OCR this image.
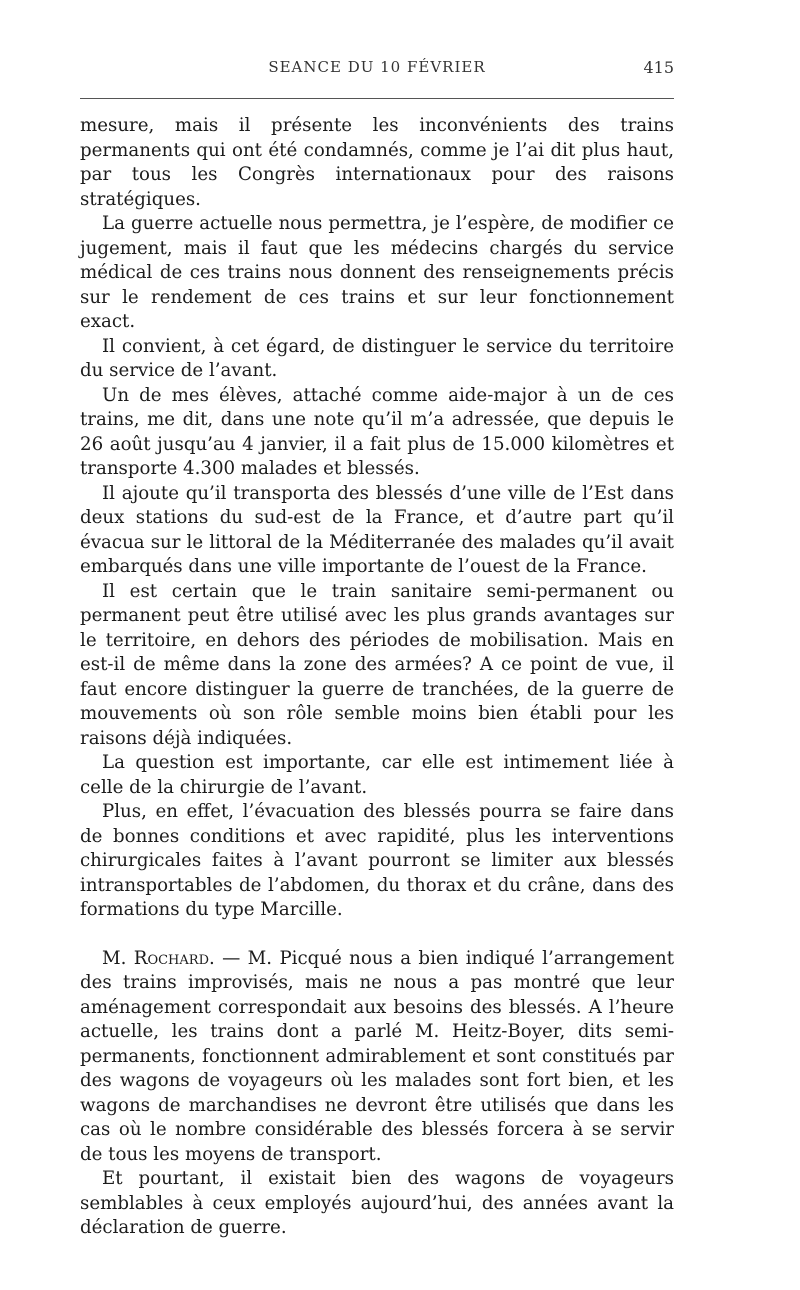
SEANCE DU 10 FÉVRIER	415

mesure, mais il présente les inconvénients des trains permanents qui ont été condamnés, comme je l’ai dit plus haut, par tous les Congrès internationaux pour des raisons stratégiques.

La guerre actuelle nous permettra, je l’espère, de modifier ce jugement, mais il faut que les médecins chargés du service médical de ces trains nous donnent des renseignements précis sur le rendement de ces trains et sur leur fonctionnement exact.

Il convient, à cet égard, de distinguer le service du territoire du service de l’avant.

Un de mes élèves, attaché comme aide-major à un de ces trains, me dit, dans une note qu’il m’a adressée, que depuis le 26 août jusqu’au 4 janvier, il a fait plus de 15.000 kilomètres et transporte 4.300 malades et blessés.

Il ajoute qu’il transporta des blessés d’une ville de l’Est dans deux stations du sud-est de la France, et d’autre part qu’il évacua sur le littoral de la Méditerranée des malades qu’il avait embarqués dans une ville importante de l’ouest de la France.

Il est certain que le train sanitaire semi-permanent ou permanent peut être utilisé avec les plus grands avantages sur le territoire, en dehors des périodes de mobilisation. Mais en est-il de même dans la zone des armées? A ce point de vue, il faut encore distinguer la guerre de tranchées, de la guerre de mouvements où son rôle semble moins bien établi pour les raisons déjà indiquées.

La question est importante, car elle est intimement liée à celle de la chirurgie de l’avant.

Plus, en effet, l’évacuation des blessés pourra se faire dans de bonnes conditions et avec rapidité, plus les interventions chirurgicales faites à l’avant pourront se limiter aux blessés intransportables de l’abdomen, du thorax et du crâne, dans des formations du type Marcille.

M. Rochard. — M. Picqué nous a bien indiqué l’arrangement des trains improvisés, mais ne nous a pas montré que leur aménagement correspondait aux besoins des blessés. A l’heure actuelle, les trains dont a parlé M. Heitz-Boyer, dits semi-permanents, fonctionnent admirablement et sont constitués par des wagons de voyageurs où les malades sont fort bien, et les wagons de marchandises ne devront être utilisés que dans les cas où le nombre considérable des blessés forcera à se servir de tous les moyens de transport.

Et pourtant, il existait bien des wagons de voyageurs semblables à ceux employés aujourd’hui, des années avant la déclaration de guerre.
